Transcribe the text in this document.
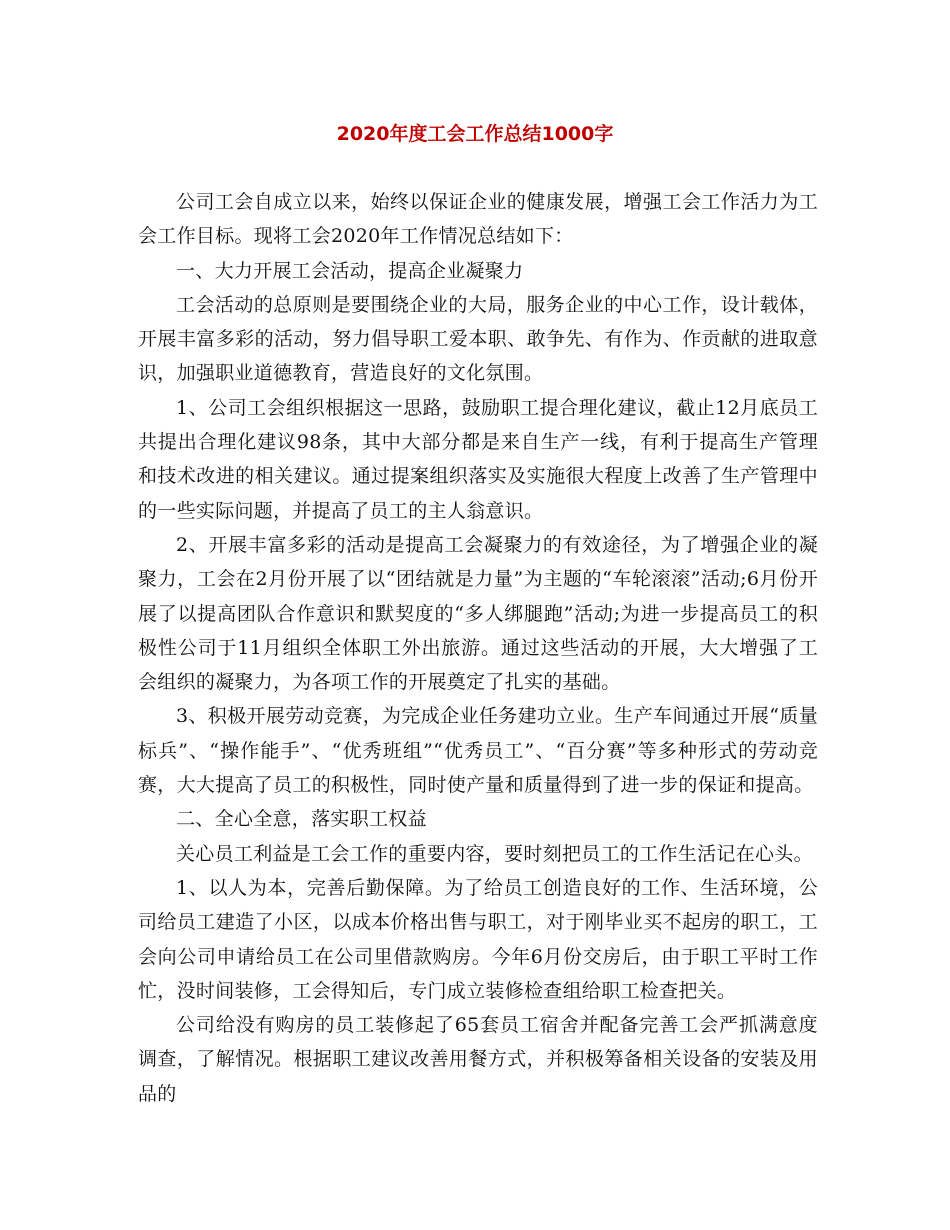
2020年度工会工作总结1000字

公司工会自成立以来，始终以保证企业的健康发展，增强工会工作活力为工会工作目标。现将工会2020年工作情况总结如下：

一、大力开展工会活动，提高企业凝聚力

工会活动的总原则是要围绕企业的大局，服务企业的中心工作，设计载体，开展丰富多彩的活动，努力倡导职工爱本职、敢争先、有作为、作贡献的进取意识，加强职业道德教育，营造良好的文化氛围。

1、公司工会组织根据这一思路，鼓励职工提合理化建议，截止12月底员工共提出合理化建议98条，其中大部分都是来自生产一线，有利于提高生产管理和技术改进的相关建议。通过提案组织落实及实施很大程度上改善了生产管理中的一些实际问题，并提高了员工的主人翁意识。

2、开展丰富多彩的活动是提高工会凝聚力的有效途径，为了增强企业的凝聚力，工会在2月份开展了以“团结就是力量”为主题的“车轮滚滚”活动;6月份开展了以提高团队合作意识和默契度的“多人绑腿跑”活动;为进一步提高员工的积极性公司于11月组织全体职工外出旅游。通过这些活动的开展，大大增强了工会组织的凝聚力，为各项工作的开展奠定了扎实的基础。

3、积极开展劳动竞赛，为完成企业任务建功立业。生产车间通过开展“质量标兵”、“操作能手”、“优秀班组”“优秀员工”、“百分赛”等多种形式的劳动竞赛，大大提高了员工的积极性，同时使产量和质量得到了进一步的保证和提高。

二、全心全意，落实职工权益

关心员工利益是工会工作的重要内容，要时刻把员工的工作生活记在心头。

1、以人为本，完善后勤保障。为了给员工创造良好的工作、生活环境，公司给员工建造了小区，以成本价格出售与职工，对于刚毕业买不起房的职工，工会向公司申请给员工在公司里借款购房。今年6月份交房后，由于职工平时工作忙，没时间装修，工会得知后，专门成立装修检查组给职工检查把关。

公司给没有购房的员工装修起了65套员工宿舍并配备完善工会严抓满意度调查，了解情况。根据职工建议改善用餐方式，并积极筹备相关设备的安装及用品的
